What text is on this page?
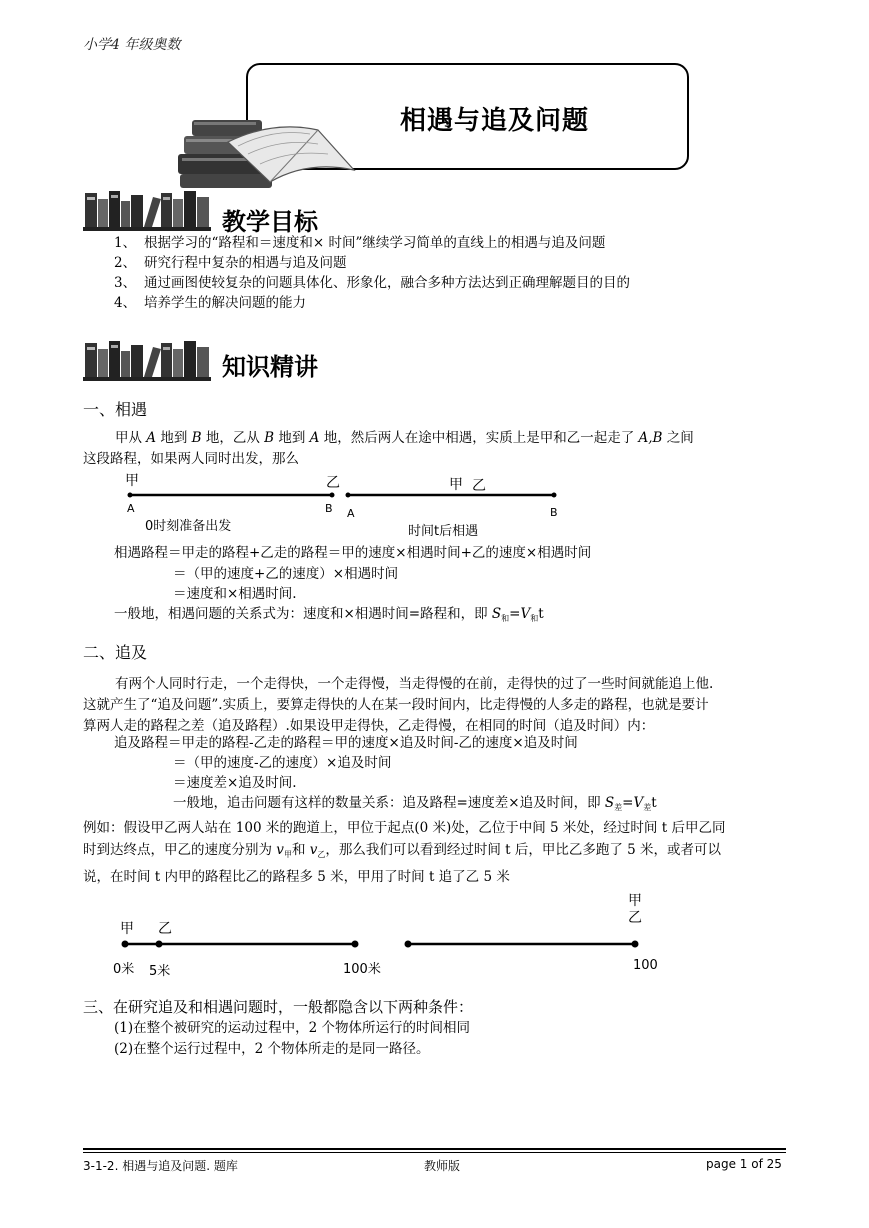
小学4 年级奥数
相遇与追及问题
教学目标
1、 根据学习的“路程和＝速度和× 时间”继续学习简单的直线上的相遇与追及问题
2、 研究行程中复杂的相遇与追及问题
3、 通过画图使较复杂的问题具体化、形象化，融合多种方法达到正确理解题目的目的
4、 培养学生的解决问题的能力
知识精讲
一、相遇
甲从 A 地到 B 地，乙从 B 地到 A 地，然后两人在途中相遇，实质上是甲和乙一起走了 A,B 之间
这段路程，如果两人同时出发，那么
甲	乙	甲 乙
A	B A	B
0时刻准备出发	时间t后相遇
相遇路程＝甲走的路程+乙走的路程＝甲的速度×相遇时间+乙的速度×相遇时间
＝（甲的速度+乙的速度）×相遇时间
＝速度和×相遇时间.
一般地，相遇问题的关系式为：速度和×相遇时间=路程和，即 $S_和=V_和t$
二、追及
有两个人同时行走，一个走得快，一个走得慢，当走得慢的在前，走得快的过了一些时间就能追上他.
这就产生了“追及问题”.实质上，要算走得快的人在某一段时间内，比走得慢的人多走的路程，也就是要计
算两人走的路程之差（追及路程）.如果设甲走得快，乙走得慢，在相同的时间（追及时间）内：
追及路程＝甲走的路程-乙走的路程＝甲的速度×追及时间-乙的速度×追及时间
＝（甲的速度-乙的速度）×追及时间
＝速度差×追及时间.
一般地，追击问题有这样的数量关系：追及路程=速度差×追及时间，即 $S_差=V_差t$
例如：假设甲乙两人站在 100 米的跑道上，甲位于起点(0 米)处，乙位于中间 5 米处，经过时间 t 后甲乙同
时到达终点，甲乙的速度分别为 $v_甲$和 $v_乙$，那么我们可以看到经过时间 t 后，甲比乙多跑了 5 米，或者可以
说，在时间 t 内甲的路程比乙的路程多 5 米，甲用了时间 t 追了乙 5 米
甲 乙
甲
乙
0米 5米	100米	100
三、在研究追及和相遇问题时，一般都隐含以下两种条件：
(1)在整个被研究的运动过程中，2 个物体所运行的时间相同
(2)在整个运行过程中，2 个物体所走的是同一路径。
3-1-2. 相遇与追及问题. 题库	教师版	page 1 of 25
